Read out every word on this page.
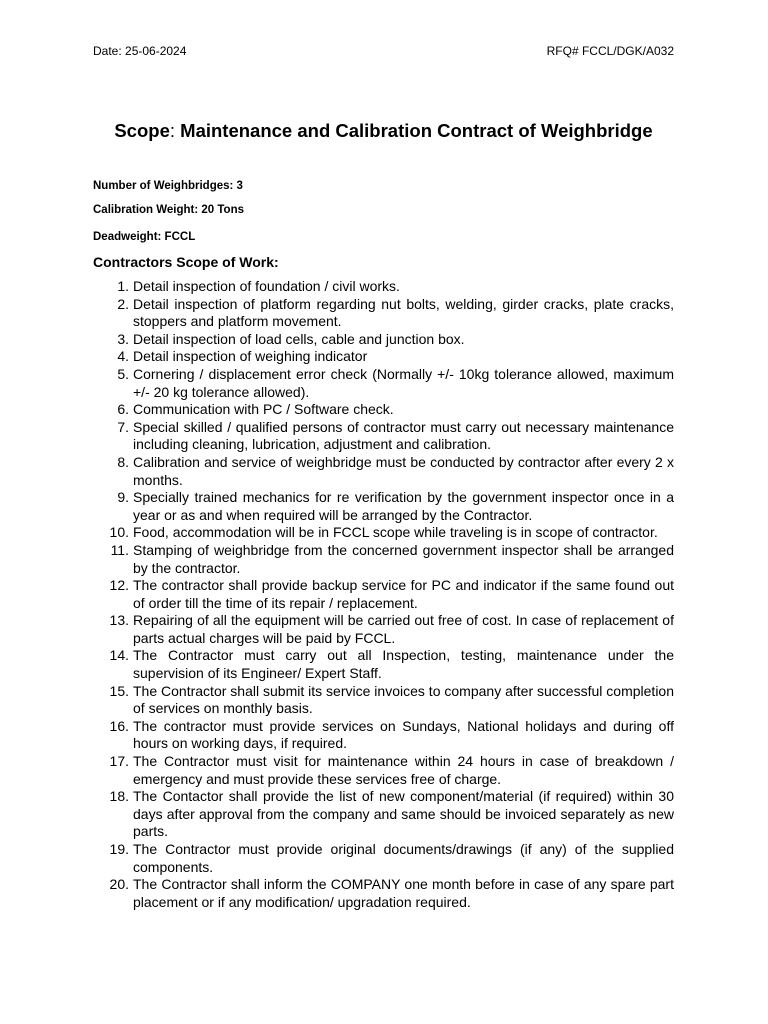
Date: 25-06-2024	RFQ# FCCL/DGK/A032
Scope: Maintenance and Calibration Contract of Weighbridge
Number of Weighbridges: 3
Calibration Weight: 20 Tons
Deadweight: FCCL
Contractors Scope of Work:
1. Detail inspection of foundation / civil works.
2. Detail inspection of platform regarding nut bolts, welding, girder cracks, plate cracks, stoppers and platform movement.
3. Detail inspection of load cells, cable and junction box.
4. Detail inspection of weighing indicator
5. Cornering / displacement error check (Normally +/- 10kg tolerance allowed, maximum +/- 20 kg tolerance allowed).
6. Communication with PC / Software check.
7. Special skilled / qualified persons of contractor must carry out necessary maintenance including cleaning, lubrication, adjustment and calibration.
8. Calibration and service of weighbridge must be conducted by contractor after every 2 x months.
9. Specially trained mechanics for re verification by the government inspector once in a year or as and when required will be arranged by the Contractor.
10. Food, accommodation will be in FCCL scope while traveling is in scope of contractor.
11. Stamping of weighbridge from the concerned government inspector shall be arranged by the contractor.
12. The contractor shall provide backup service for PC and indicator if the same found out of order till the time of its repair / replacement.
13. Repairing of all the equipment will be carried out free of cost. In case of replacement of parts actual charges will be paid by FCCL.
14. The Contractor must carry out all Inspection, testing, maintenance under the supervision of its Engineer/ Expert Staff.
15. The Contractor shall submit its service invoices to company after successful completion of services on monthly basis.
16. The contractor must provide services on Sundays, National holidays and during off hours on working days, if required.
17. The Contractor must visit for maintenance within 24 hours in case of breakdown / emergency and must provide these services free of charge.
18. The Contactor shall provide the list of new component/material (if required) within 30 days after approval from the company and same should be invoiced separately as new parts.
19. The Contractor must provide original documents/drawings (if any) of the supplied components.
20. The Contractor shall inform the COMPANY one month before in case of any spare part placement or if any modification/ upgradation required.
